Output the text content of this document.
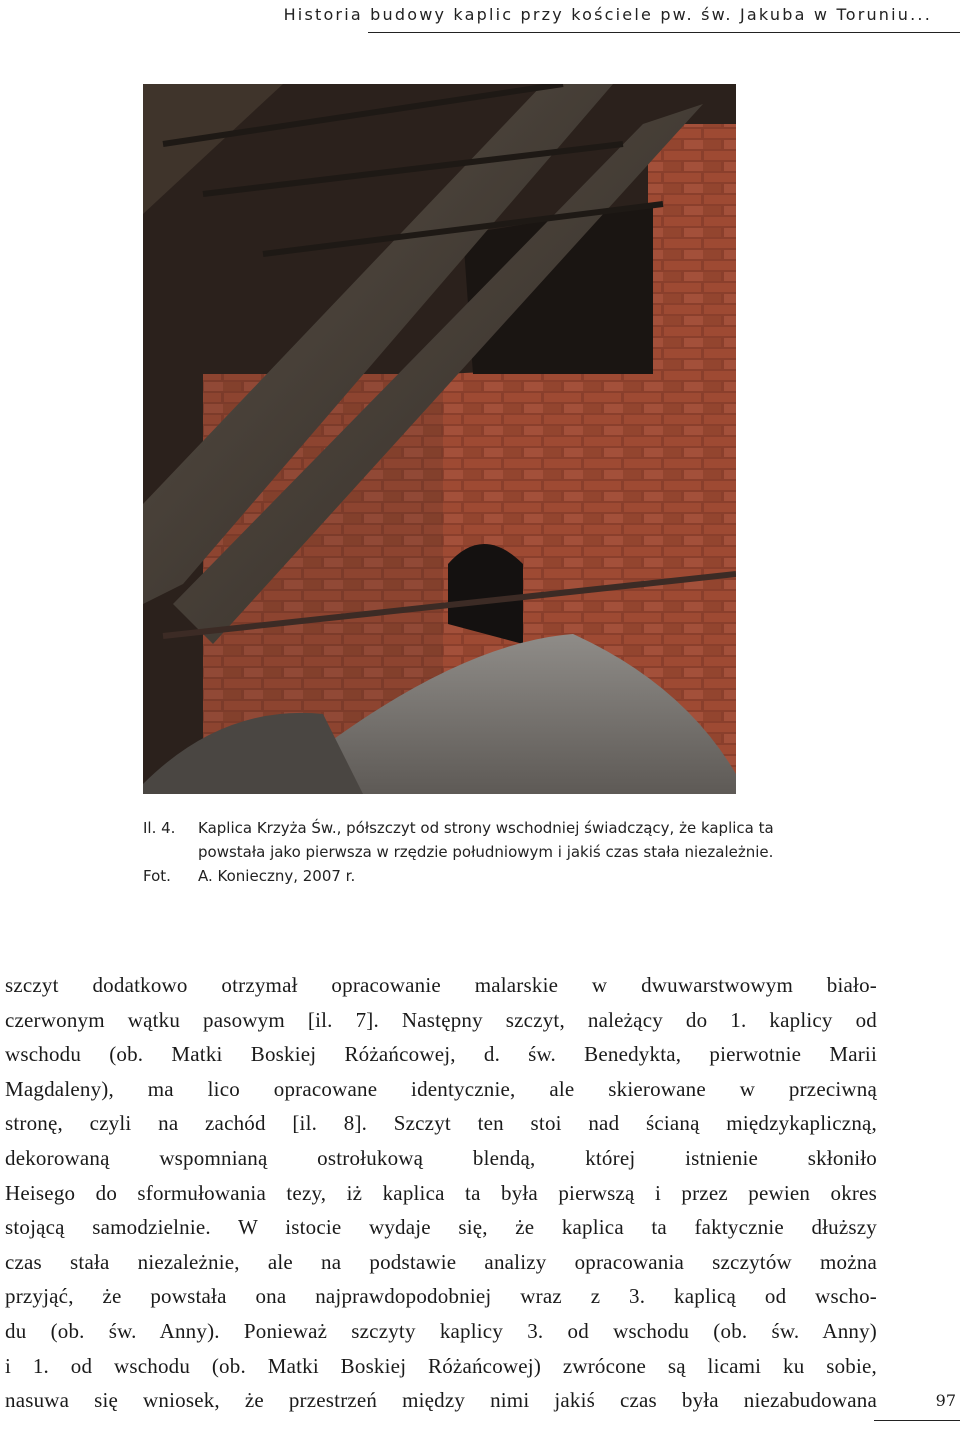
Historia budowy kaplic przy kościele pw. św. Jakuba w Toruniu...
Il. 4.	Kaplica Krzyża Św., półszczyt od strony wschodniej świadczący, że kaplica ta powstała jako pierwsza w rzędzie południowym i jakiś czas stała niezależnie.
Fot.	A. Konieczny, 2007 r.

szczyt dodatkowo otrzymał opracowanie malarskie w dwuwarstwowym biało-

czerwonym wątku pasowym [il. 7]. Następny szczyt, należący do 1. kaplicy od

wschodu (ob. Matki Boskiej Różańcowej, d. św. Benedykta, pierwotnie Marii

Magdaleny), ma lico opracowane identycznie, ale skierowane w przeciwną

stronę, czyli na zachód [il. 8]. Szczyt ten stoi nad ścianą międzykapliczną,

dekorowaną wspomnianą ostrołukową blendą, której istnienie skłoniło

Heisego do sformułowania tezy, iż kaplica ta była pierwszą i przez pewien okres

stojącą samodzielnie. W istocie wydaje się, że kaplica ta faktycznie dłuższy

czas stała niezależnie, ale na podstawie analizy opracowania szczytów można

przyjąć, że powstała ona najprawdopodobniej wraz z 3. kaplicą od wscho-

du (ob. św. Anny). Ponieważ szczyty kaplicy 3. od wschodu (ob. św. Anny)

i 1. od wschodu (ob. Matki Boskiej Różańcowej) zwrócone są licami ku sobie,

nasuwa się wniosek, że przestrzeń między nimi jakiś czas była niezabudowana	97
